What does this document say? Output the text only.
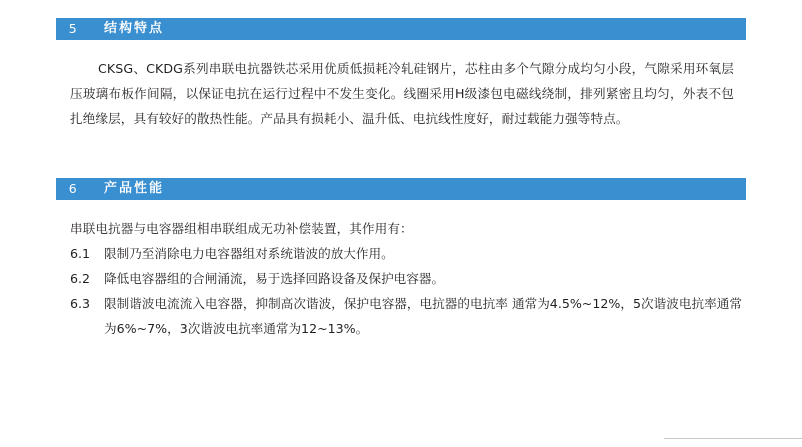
5	结构特点
CKSG、CKDG系列串联电抗器铁芯采用优质低损耗冷轧硅钢片，芯柱由多个气隙分成均匀小段，气隙采用环氧层压玻璃布板作间隔，以保证电抗在运行过程中不发生变化。线圈采用H级漆包电磁线绕制，排列紧密且均匀，外表不包扎绝缘层，具有较好的散热性能。产品具有损耗小、温升低、电抗线性度好，耐过载能力强等特点。
6	产品性能
串联电抗器与电容器组相串联组成无功补偿装置，其作用有：
6.1	限制乃至消除电力电容器组对系统谐波的放大作用。
6.2	降低电容器组的合闸涌流，易于选择回路设备及保护电容器。
6.3	限制谐波电流流入电容器，抑制高次谐波，保护电容器，电抗器的电抗率 通常为4.5%~12%，5次谐波电抗率通常为6%~7%，3次谐波电抗率通常为12~13%。
